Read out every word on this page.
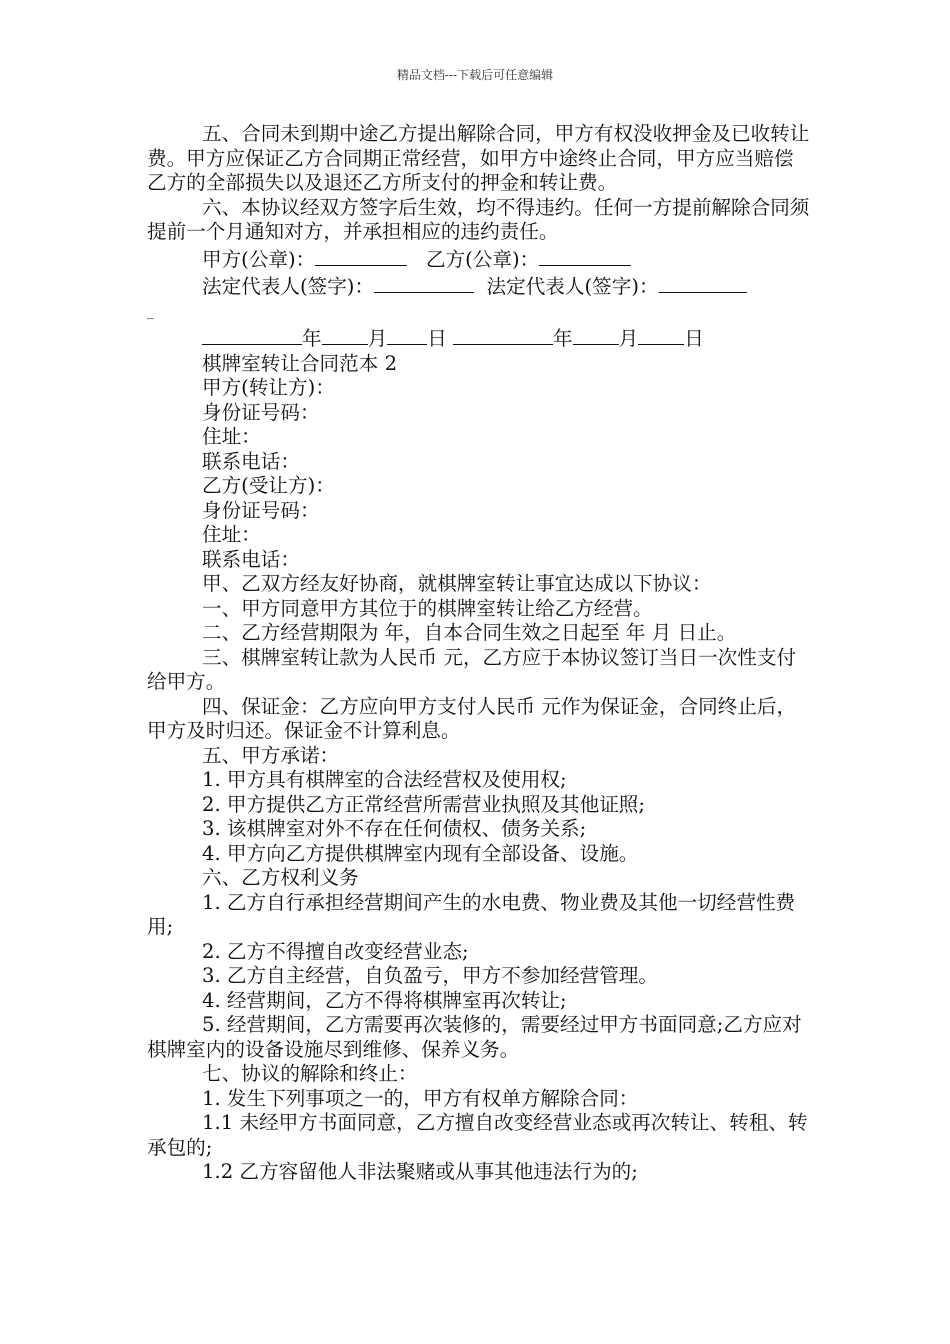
精品文档---下载后可任意编辑

五、合同未到期中途乙方提出解除合同，甲方有权没收押金及已收转让费。甲方应保证乙方合同期正常经营，如甲方中途终止合同，甲方应当赔偿乙方的全部损失以及退还乙方所支付的押金和转让费。

六、本协议经双方签字后生效，均不得违约。任何一方提前解除合同须提前一个月通知对方，并承担相应的违约责任。

甲方(公章)：	乙方(公章)：
法定代表人(签字)：	法定代表人(签字)：
_
年 月 日	年 月 日

棋牌室转让合同范本 2

甲方(转让方)：

身份证号码：

住址：

联系电话：

乙方(受让方)：

身份证号码：

住址：

联系电话：

甲、乙双方经友好协商，就棋牌室转让事宜达成以下协议：

一、甲方同意甲方其位于的棋牌室转让给乙方经营。

二、乙方经营期限为 年，自本合同生效之日起至 年 月 日止。

三、棋牌室转让款为人民币 元，乙方应于本协议签订当日一次性支付给甲方。

四、保证金：乙方应向甲方支付人民币 元作为保证金，合同终止后，甲方及时归还。保证金不计算利息。

五、甲方承诺：

1. 甲方具有棋牌室的合法经营权及使用权;

2. 甲方提供乙方正常经营所需营业执照及其他证照;

3. 该棋牌室对外不存在任何债权、债务关系;

4. 甲方向乙方提供棋牌室内现有全部设备、设施。

六、乙方权利义务

1. 乙方自行承担经营期间产生的水电费、物业费及其他一切经营性费用;

2. 乙方不得擅自改变经营业态;

3. 乙方自主经营，自负盈亏，甲方不参加经营管理。

4. 经营期间，乙方不得将棋牌室再次转让;

5. 经营期间，乙方需要再次装修的，需要经过甲方书面同意;乙方应对棋牌室内的设备设施尽到维修、保养义务。

七、协议的解除和终止：

1. 发生下列事项之一的，甲方有权单方解除合同：

1.1 未经甲方书面同意，乙方擅自改变经营业态或再次转让、转租、转承包的;

1.2 乙方容留他人非法聚赌或从事其他违法行为的;
